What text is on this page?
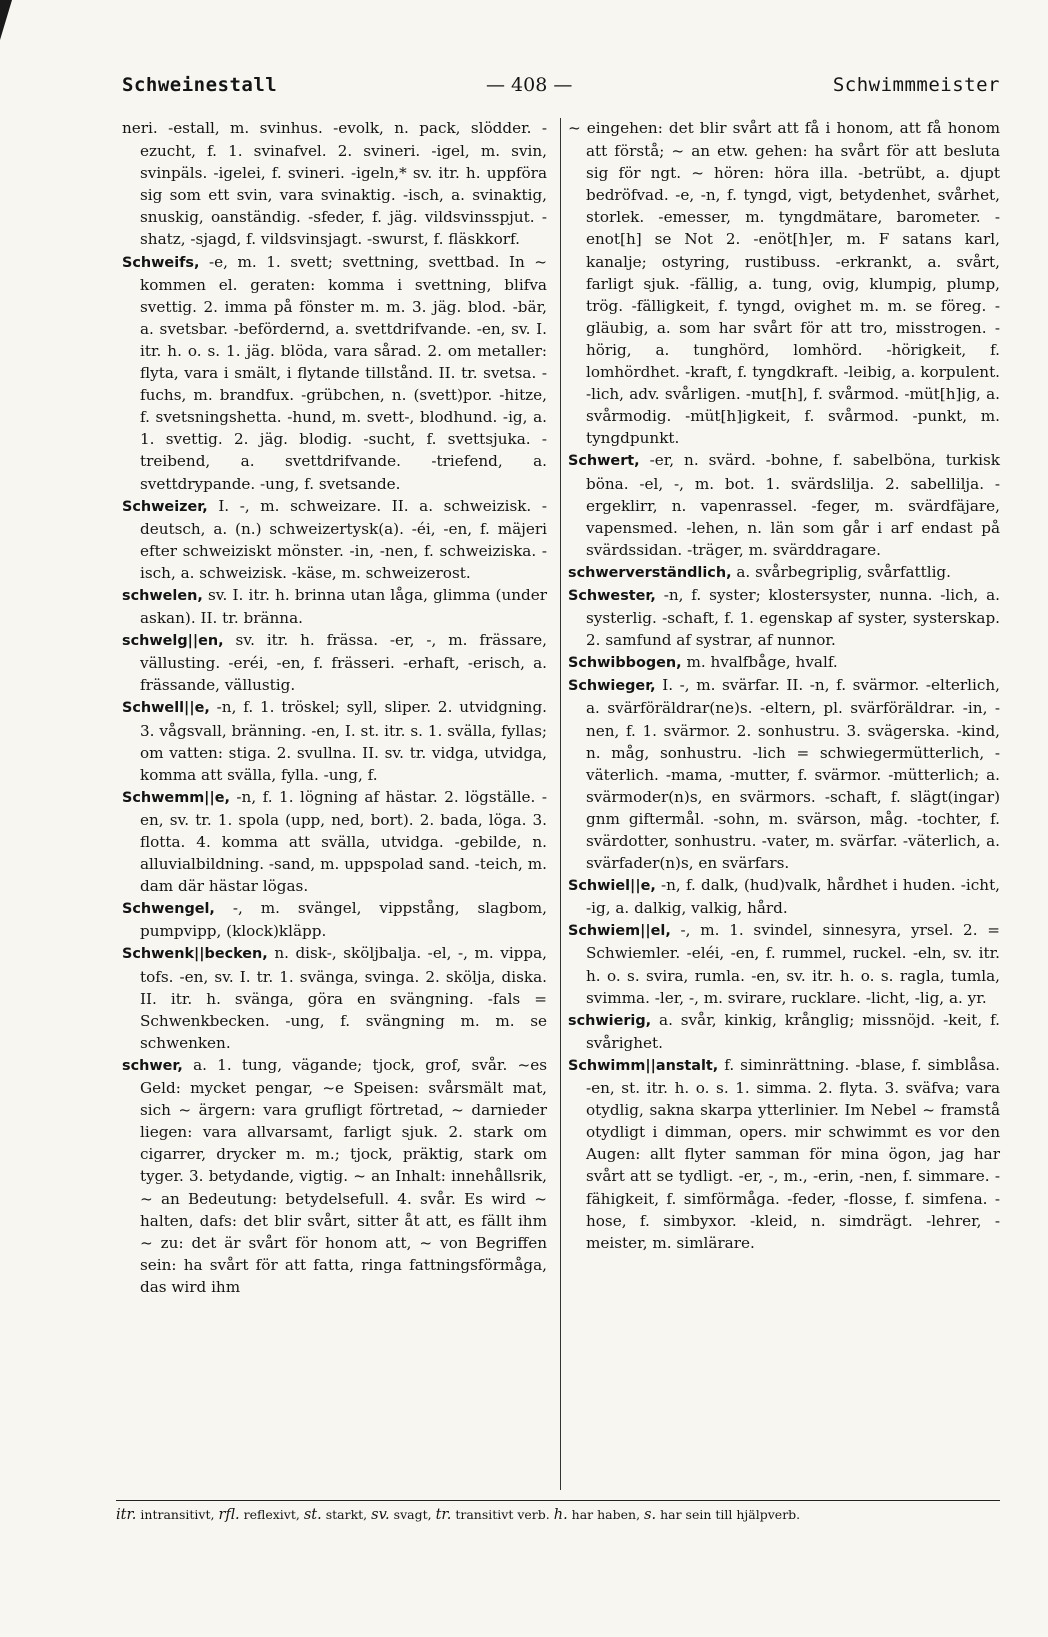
Schweinestall	— 408 —	Schwimmmeister

neri. -estall, m. svinhus. -evolk, n. pack, slödder. -ezucht, f. 1. svinafvel. 2. svineri. -igel, m. svin, svinpäls. -igelei, f. svineri. -igeln,* sv. itr. h. uppföra sig som ett svin, vara svinaktig. -isch, a. svinaktig, snuskig, oanständig. -sfeder, f. jäg. vildsvinsspjut. -shatz, -sjagd, f. vildsvinsjagt. -swurst, f. fläskkorf.

Schweifs, -e, m. 1. svett; svettning, svettbad. In ~ kommen el. geraten: komma i svettning, blifva svettig. 2. imma på fönster m. m. 3. jäg. blod. -bär, a. svetsbar. -befördernd, a. svettdrifvande. -en, sv. I. itr. h. o. s. 1. jäg. blöda, vara sårad. 2. om metaller: flyta, vara i smält, i flytande tillstånd. II. tr. svetsa. -fuchs, m. brandfux. -grübchen, n. (svett)por. -hitze, f. svetsningshetta. -hund, m. svett-, blodhund. -ig, a. 1. svettig. 2. jäg. blodig. -sucht, f. svettsjuka. -treibend, a. svettdrifvande. -triefend, a. svettdrypande. -ung, f. svetsande.

Schweizer, I. -, m. schweizare. II. a. schweizisk. -deutsch, a. (n.) schweizertysk(a). -éi, -en, f. mäjeri efter schweiziskt mönster. -in, -nen, f. schweiziska. -isch, a. schweizisk. -käse, m. schweizerost.

schwelen, sv. I. itr. h. brinna utan låga, glimma (under askan). II. tr. bränna.

schwelg||en, sv. itr. h. frässa. -er, -, m. frässare, vällusting. -eréi, -en, f. frässeri. -erhaft, -erisch, a. frässande, vällustig.

Schwell||e, -n, f. 1. tröskel; syll, sliper. 2. utvidgning. 3. vågsvall, bränning. -en, I. st. itr. s. 1. svälla, fyllas; om vatten: stiga. 2. svullna. II. sv. tr. vidga, utvidga, komma att svälla, fylla. -ung, f.

Schwemm||e, -n, f. 1. lögning af hästar. 2. lögställe. -en, sv. tr. 1. spola (upp, ned, bort). 2. bada, löga. 3. flotta. 4. komma att svälla, utvidga. -gebilde, n. alluvialbildning. -sand, m. uppspolad sand. -teich, m. dam där hästar lögas.

Schwengel, -, m. svängel, vippstång, slagbom, pumpvipp, (klock)kläpp.

Schwenk||becken, n. disk-, sköljbalja. -el, -, m. vippa, tofs. -en, sv. I. tr. 1. svänga, svinga. 2. skölja, diska. II. itr. h. svänga, göra en svängning. -fals = Schwenkbecken. -ung, f. svängning m. m. se schwenken.

schwer, a. 1. tung, vägande; tjock, grof, svår. ~es Geld: mycket pengar, ~e Speisen: svårsmält mat, sich ~ ärgern: vara grufligt förtretad, ~ darnieder liegen: vara allvarsamt, farligt sjuk. 2. stark om cigarrer, drycker m. m.; tjock, präktig, stark om tyger. 3. betydande, vigtig. ~ an Inhalt: innehållsrik, ~ an Bedeutung: betydelsefull. 4. svår. Es wird ~ halten, dafs: det blir svårt, sitter åt att, es fällt ihm ~ zu: det är svårt för honom att, ~ von Begriffen sein: ha svårt för att fatta, ringa fattningsförmåga, das wird ihm

~ eingehen: det blir svårt att få i honom, att få honom att förstå; ~ an etw. gehen: ha svårt för att besluta sig för ngt. ~ hören: höra illa. -betrübt, a. djupt bedröfvad. -e, -n, f. tyngd, vigt, betydenhet, svårhet, storlek. -emesser, m. tyngdmätare, barometer. -enot[h] se Not 2. -enöt[h]er, m. F satans karl, kanalje; ostyring, rustibuss. -erkrankt, a. svårt, farligt sjuk. -fällig, a. tung, ovig, klumpig, plump, trög. -fälligkeit, f. tyngd, ovighet m. m. se föreg. -gläubig, a. som har svårt för att tro, misstrogen. -hörig, a. tunghörd, lomhörd. -hörigkeit, f. lomhördhet. -kraft, f. tyngdkraft. -leibig, a. korpulent. -lich, adv. svårligen. -mut[h], f. svårmod. -müt[h]ig, a. svårmodig. -müt[h]igkeit, f. svårmod. -punkt, m. tyngdpunkt.

Schwert, -er, n. svärd. -bohne, f. sabelböna, turkisk böna. -el, -, m. bot. 1. svärdslilja. 2. sabellilja. -ergeklirr, n. vapenrassel. -feger, m. svärdfäjare, vapensmed. -lehen, n. län som går i arf endast på svärdssidan. -träger, m. svärddragare.

schwerverständlich, a. svårbegriplig, svårfattlig.

Schwester, -n, f. syster; klostersyster, nunna. -lich, a. systerlig. -schaft, f. 1. egenskap af syster, systerskap. 2. samfund af systrar, af nunnor.

Schwibbogen, m. hvalfbåge, hvalf.

Schwieger, I. -, m. svärfar. II. -n, f. svärmor. -elterlich, a. svärföräldrar(ne)s. -eltern, pl. svärföräldrar. -in, -nen, f. 1. svärmor. 2. sonhustru. 3. svägerska. -kind, n. måg, sonhustru. -lich = schwiegermütterlich, -väterlich. -mama, -mutter, f. svärmor. -mütterlich; a. svärmoder(n)s, en svärmors. -schaft, f. slägt(ingar) gnm giftermål. -sohn, m. svärson, måg. -tochter, f. svärdotter, sonhustru. -vater, m. svärfar. -väterlich, a. svärfader(n)s, en svärfars.

Schwiel||e, -n, f. dalk, (hud)valk, hårdhet i huden. -icht, -ig, a. dalkig, valkig, hård.

Schwiem||el, -, m. 1. svindel, sinnesyra, yrsel. 2. = Schwiemler. -eléi, -en, f. rummel, ruckel. -eln, sv. itr. h. o. s. svira, rumla. -en, sv. itr. h. o. s. ragla, tumla, svimma. -ler, -, m. svirare, rucklare. -licht, -lig, a. yr.

schwierig, a. svår, kinkig, krånglig; missnöjd. -keit, f. svårighet.

Schwimm||anstalt, f. siminrättning. -blase, f. simblåsa. -en, st. itr. h. o. s. 1. simma. 2. flyta. 3. sväfva; vara otydlig, sakna skarpa ytterlinier. Im Nebel ~ framstå otydligt i dimman, opers. mir schwimmt es vor den Augen: allt flyter samman för mina ögon, jag har svårt att se tydligt. -er, -, m., -erin, -nen, f. simmare. -fähigkeit, f. simförmåga. -feder, -flosse, f. simfena. -hose, f. simbyxor. -kleid, n. simdrägt. -lehrer, -meister, m. simlärare.

itr. intransitivt, rfl. reflexivt, st. starkt, sv. svagt, tr. transitivt verb. h. har haben, s. har sein till hjälpverb.
